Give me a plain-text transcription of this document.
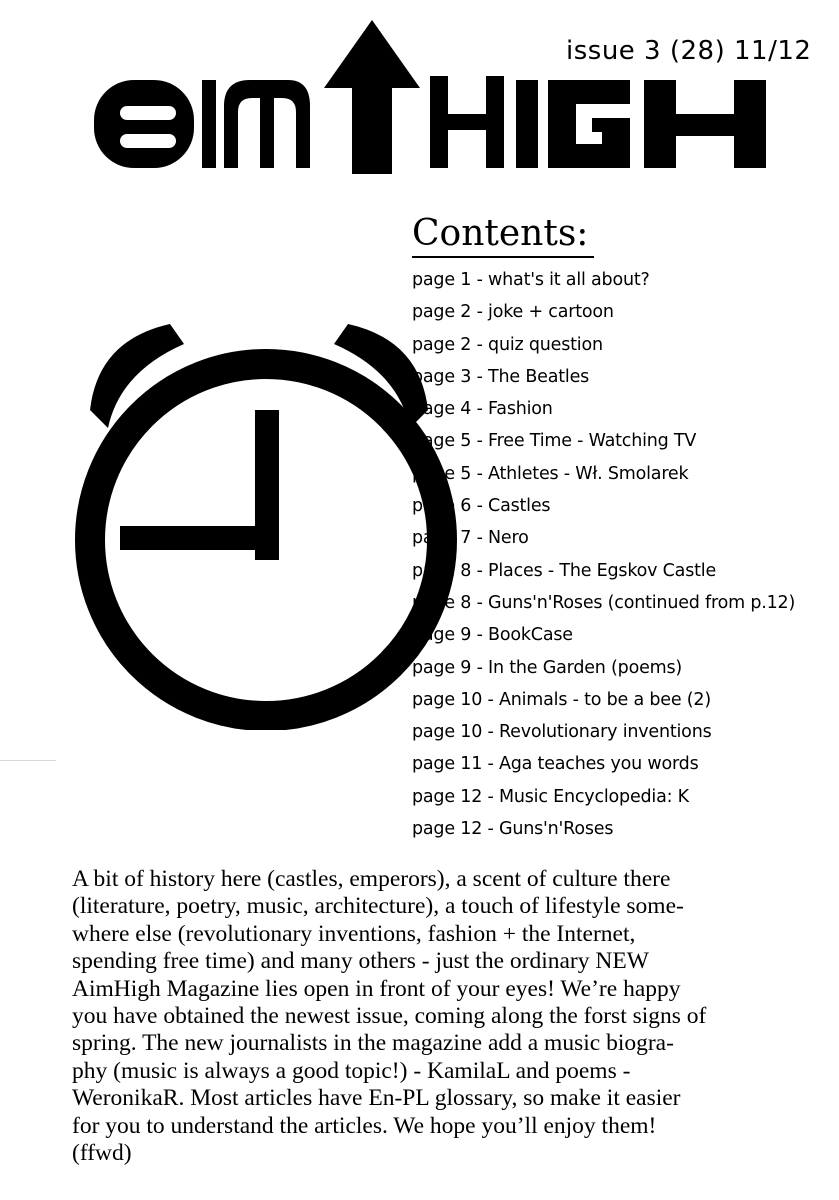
issue 3 (28) 11/12
Contents:
page 1 - what's it all about?
page 2 - joke + cartoon
page 2 - quiz question
page 3 - The Beatles
page 4 - Fashion
page 5 - Free Time - Watching TV
page 5 - Athletes - Wł. Smolarek
page 6 - Castles
page 7 - Nero
page 8 - Places - The Egskov Castle
page 8 - Guns'n'Roses (continued from p.12)
page 9 - BookCase
page 9 - In the Garden (poems)
page 10 - Animals - to be a bee (2)
page 10 - Revolutionary inventions
page 11 - Aga teaches you words
page 12 - Music Encyclopedia: K
page 12 - Guns'n'Roses
A bit of history here (castles, emperors), a scent of culture there
(literature, poetry, music, architecture), a touch of lifestyle some-
where else (revolutionary inventions, fashion + the Internet,
spending free time) and many others - just the ordinary NEW
AimHigh Magazine lies open in front of your eyes! We’re happy
you have obtained the newest issue, coming along the forst signs of
spring. The new journalists in the magazine add a music biogra-
phy (music is always a good topic!) - KamilaL and poems -
WeronikaR. Most articles have En-PL glossary, so make it easier
for you to understand the articles. We hope you’ll enjoy them!
(ffwd)
